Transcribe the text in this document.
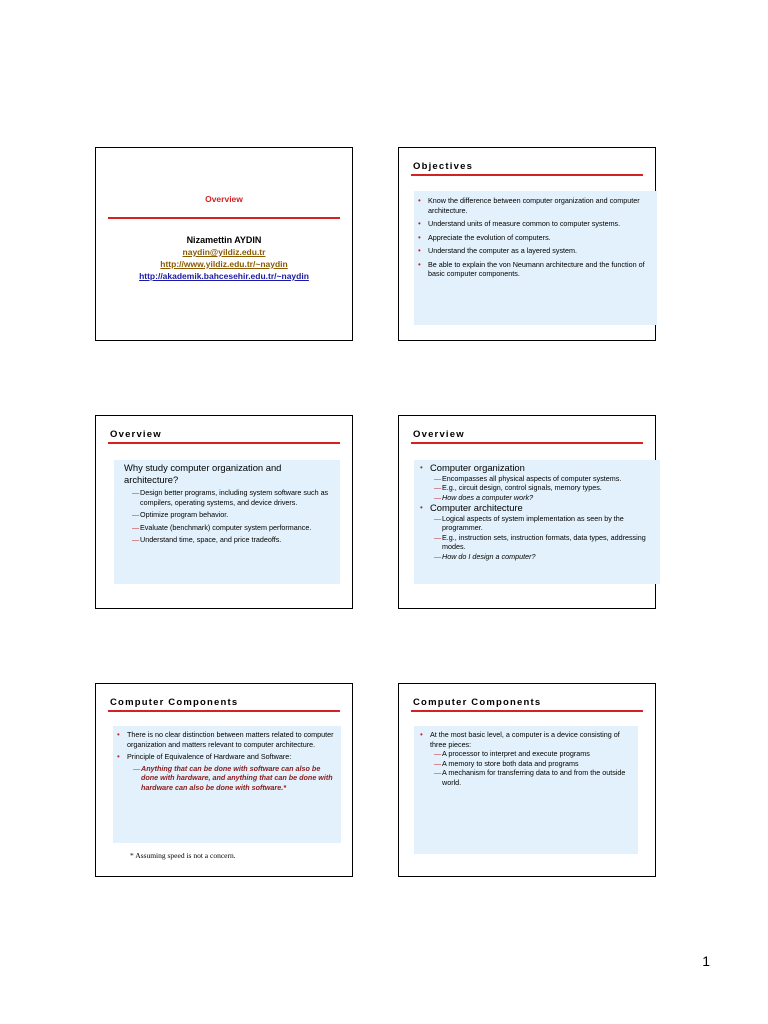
Overview
Nizamettin AYDIN
naydin@yildiz.edu.tr
http://www.yildiz.edu.tr/~naydin
http://akademik.bahcesehir.edu.tr/~naydin
Objectives
• Know the difference between computer organization and computer architecture.
• Understand units of measure common to computer systems.
• Appreciate the evolution of computers.
• Understand the computer as a layered system.
• Be able to explain the von Neumann architecture and the function of basic computer components.
Overview
Why study computer organization and architecture?
— Design better programs, including system software such as compilers, operating systems, and device drivers.
— Optimize program behavior.
— Evaluate (benchmark) computer system performance.
— Understand time, space, and price tradeoffs.
Overview
• Computer organization
— Encompasses all physical aspects of computer systems.
— E.g., circuit design, control signals, memory types.
— How does a computer work?
• Computer architecture
— Logical aspects of system implementation as seen by the programmer.
— E.g., instruction sets, instruction formats, data types, addressing modes.
— How do I design a computer?
Computer Components
• There is no clear distinction between matters related to computer organization and matters relevant to computer architecture.
• Principle of Equivalence of Hardware and Software:
— Anything that can be done with software can also be done with hardware, and anything that can be done with hardware can also be done with software.*
* Assuming speed is not a concern.
Computer Components
• At the most basic level, a computer is a device consisting of three pieces:
— A processor to interpret and execute programs
— A memory to store both data and programs
— A mechanism for transferring data to and from the outside world.
1
